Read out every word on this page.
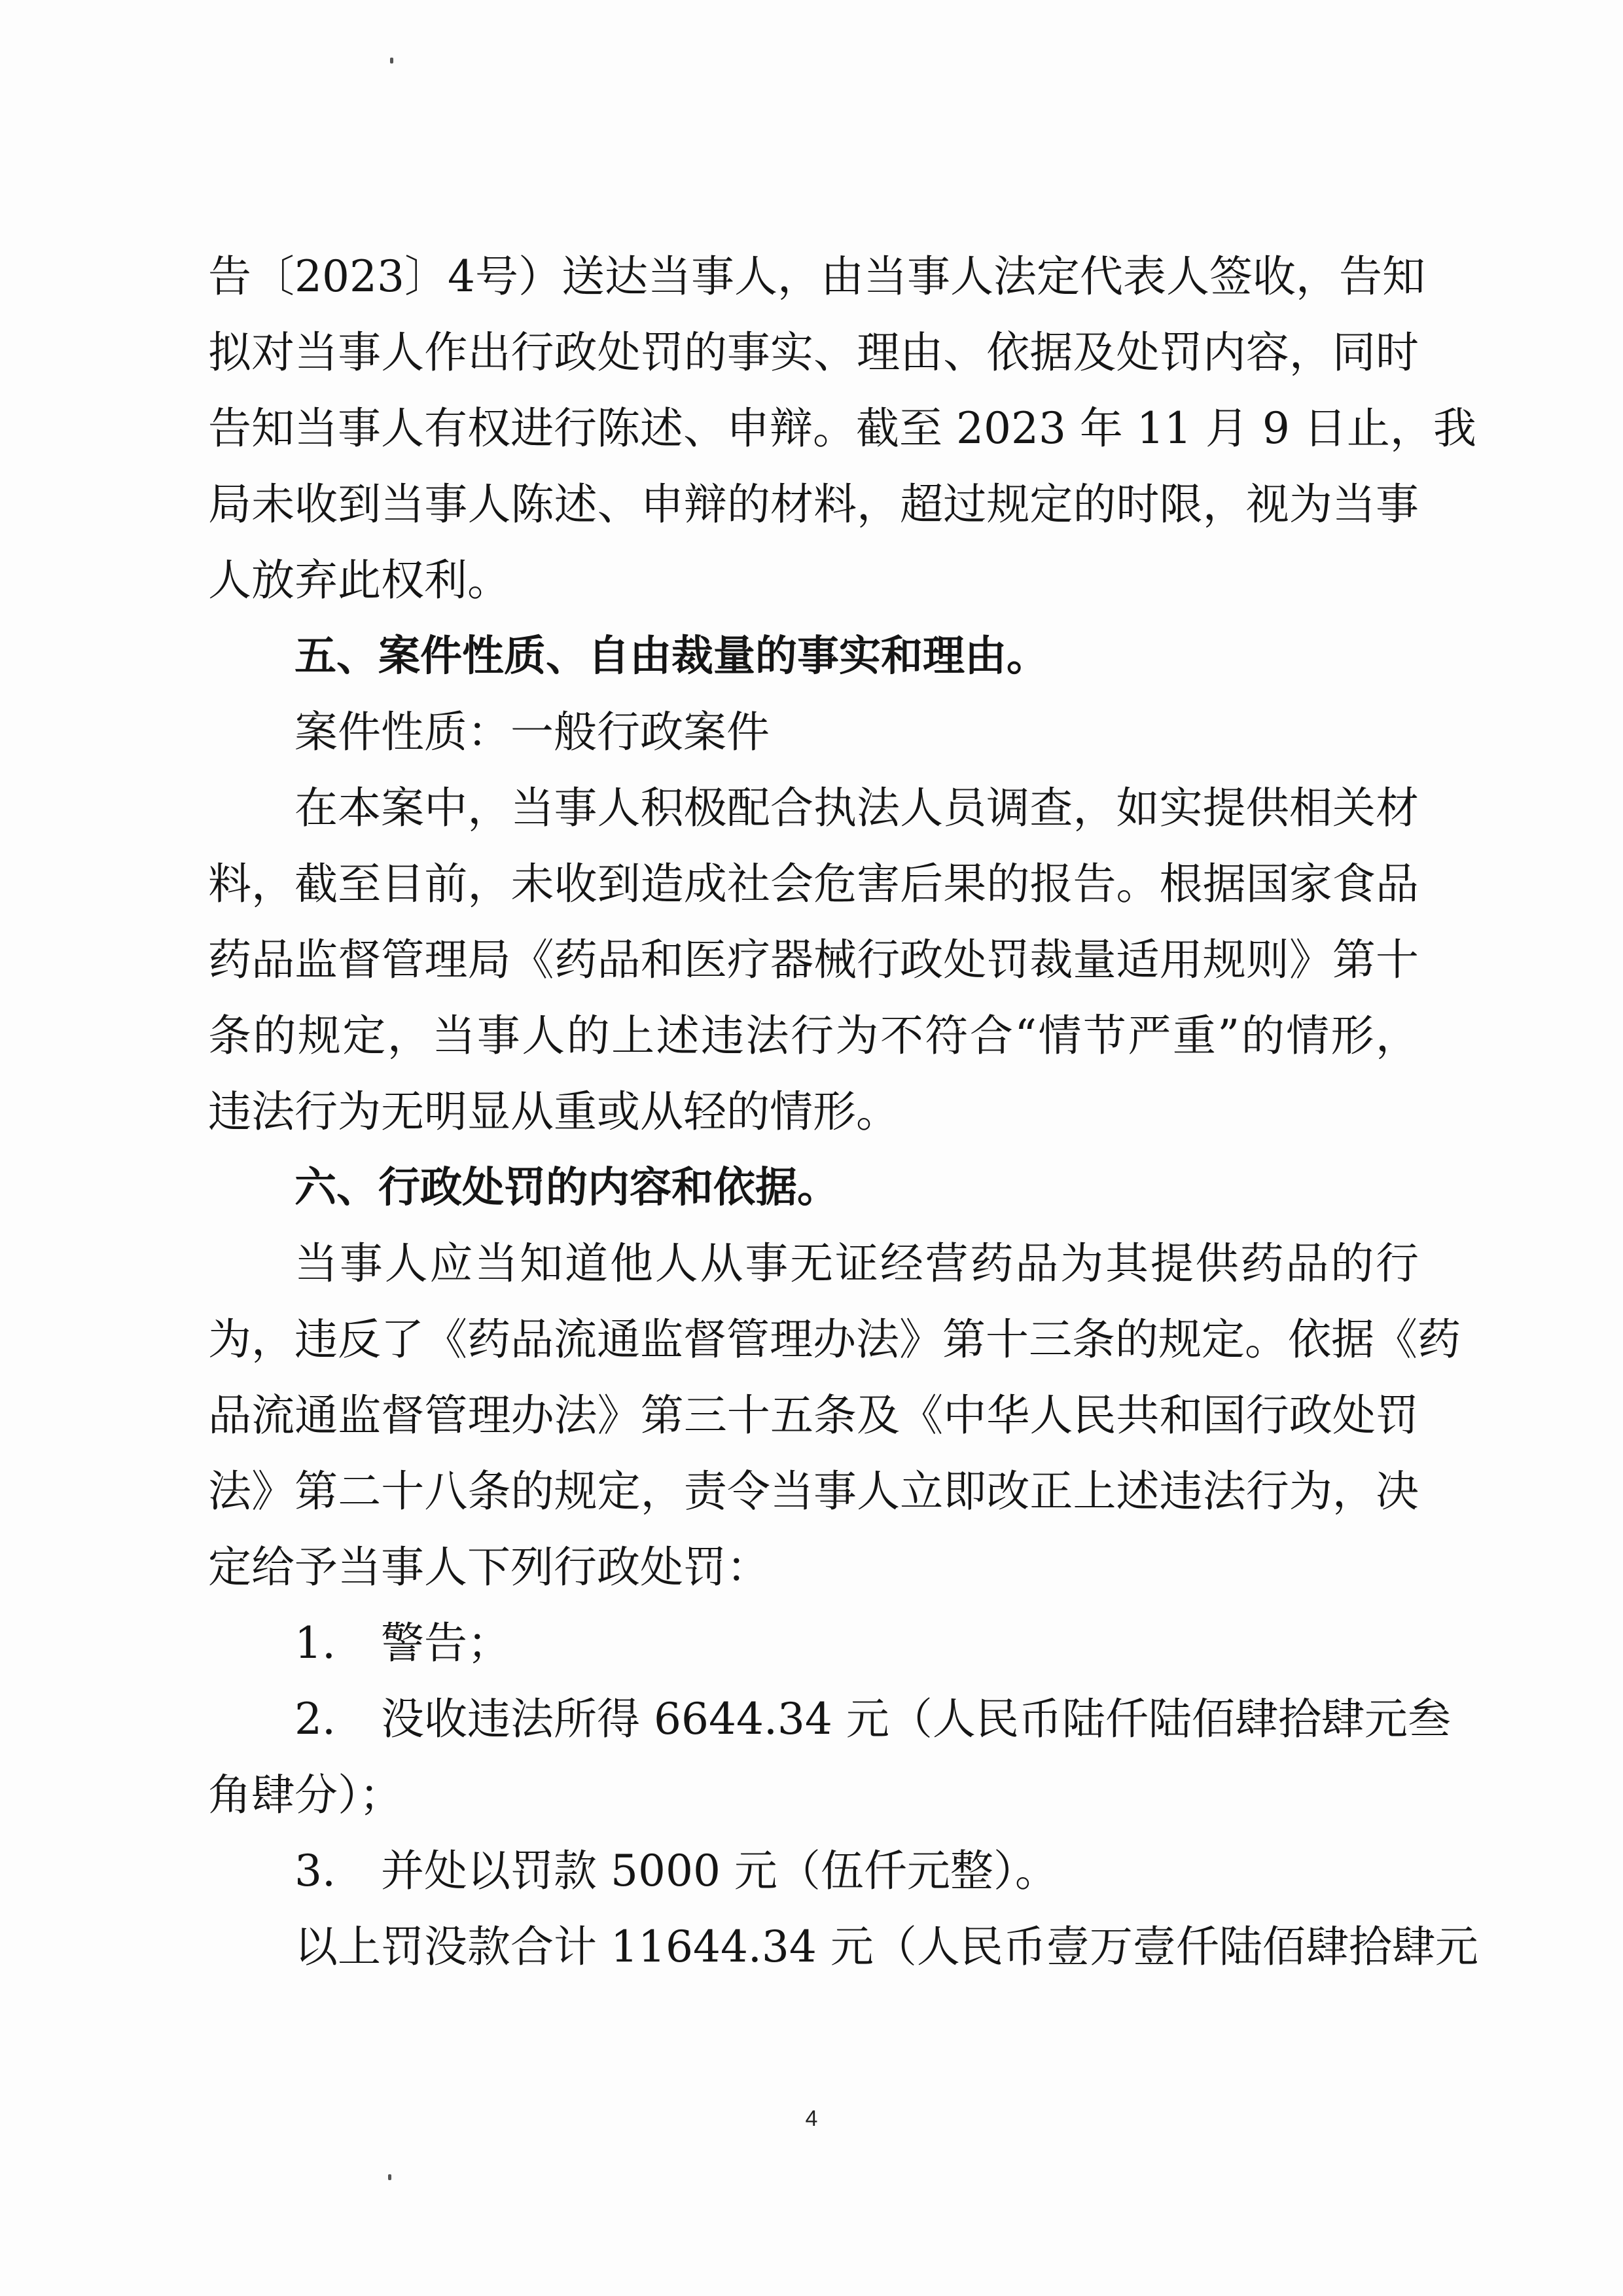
告〔2023〕4号）送达当事人，由当事人法定代表人签收，告知
拟对当事人作出行政处罚的事实、理由、依据及处罚内容，同时
告知当事人有权进行陈述、申辩。截至 2023 年 11 月 9 日止，我
局未收到当事人陈述、申辩的材料，超过规定的时限，视为当事
人放弃此权利。
五、案件性质、自由裁量的事实和理由。
案件性质：一般行政案件
在本案中，当事人积极配合执法人员调查，如实提供相关材
料，截至目前，未收到造成社会危害后果的报告。根据国家食品
药品监督管理局《药品和医疗器械行政处罚裁量适用规则》第十
条的规定，当事人的上述违法行为不符合“情节严重”的情形，
违法行为无明显从重或从轻的情形。
六、行政处罚的内容和依据。
当事人应当知道他人从事无证经营药品为其提供药品的行
为，违反了《药品流通监督管理办法》第十三条的规定。依据《药
品流通监督管理办法》第三十五条及《中华人民共和国行政处罚
法》第二十八条的规定，责令当事人立即改正上述违法行为，决
定给予当事人下列行政处罚：
1.	警告；
2.	没收违法所得 6644.34 元（人民币陆仟陆佰肆拾肆元叁
角肆分）；
3.	并处以罚款 5000 元（伍仟元整）。
以上罚没款合计 11644.34 元（人民币壹万壹仟陆佰肆拾肆元
4
